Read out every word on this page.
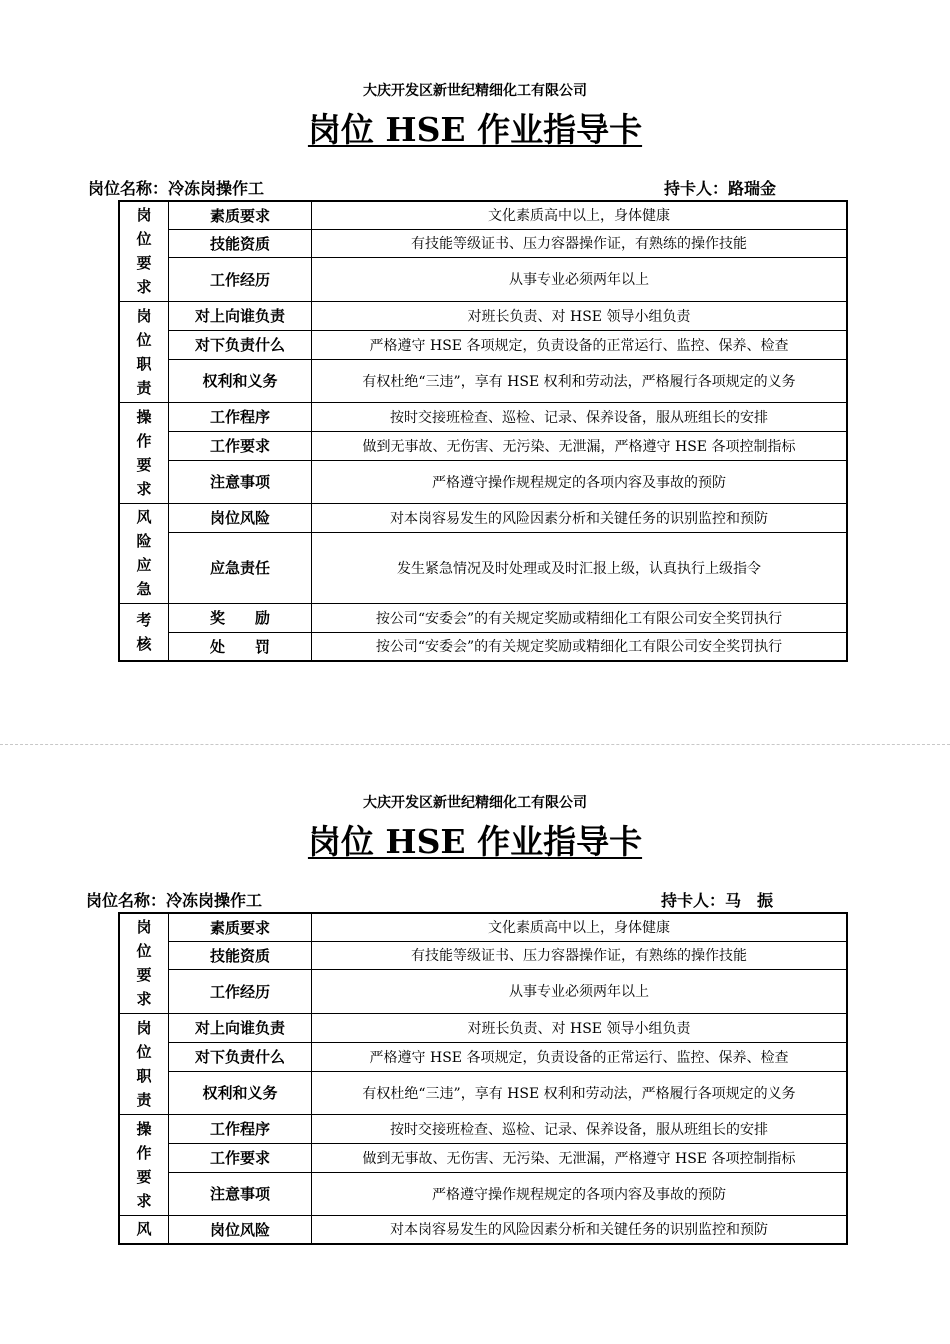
大庆开发区新世纪精细化工有限公司
岗位 HSE 作业指导卡
岗位名称：冷冻岗操作工	持卡人：路瑞金
岗
位
要
求	素质要求	文化素质高中以上，身体健康
	技能资质	有技能等级证书、压力容器操作证，有熟练的操作技能
	工作经历	从事专业必须两年以上

岗
位
职
责	对上向谁负责	对班长负责、对 HSE 领导小组负责
	对下负责什么	严格遵守 HSE 各项规定，负责设备的正常运行、监控、保养、检查
	权利和义务	有权杜绝“三违”，享有 HSE 权利和劳动法，严格履行各项规定的义务

操
作
要
求	工作程序	按时交接班检查、巡检、记录、保养设备，服从班组长的安排
	工作要求	做到无事故、无伤害、无污染、无泄漏，严格遵守 HSE 各项控制指标
	注意事项	严格遵守操作规程规定的各项内容及事故的预防

风
险
应
急	岗位风险	对本岗容易发生的风险因素分析和关键任务的识别监控和预防
	应急责任	发生紧急情况及时处理或及时汇报上级，认真执行上级指令

考
核	奖　　励	按公司“安委会”的有关规定奖励或精细化工有限公司安全奖罚执行
	处　　罚	按公司“安委会”的有关规定奖励或精细化工有限公司安全奖罚执行
大庆开发区新世纪精细化工有限公司
岗位 HSE 作业指导卡
岗位名称：冷冻岗操作工	持卡人：马　振
岗
位
要
求	素质要求	文化素质高中以上，身体健康
	技能资质	有技能等级证书、压力容器操作证，有熟练的操作技能
	工作经历	从事专业必须两年以上

岗
位
职
责	对上向谁负责	对班长负责、对 HSE 领导小组负责
	对下负责什么	严格遵守 HSE 各项规定，负责设备的正常运行、监控、保养、检查
	权利和义务	有权杜绝“三违”，享有 HSE 权利和劳动法，严格履行各项规定的义务

操
作
要
求	工作程序	按时交接班检查、巡检、记录、保养设备，服从班组长的安排
	工作要求	做到无事故、无伤害、无污染、无泄漏，严格遵守 HSE 各项控制指标
	注意事项	严格遵守操作规程规定的各项内容及事故的预防

风	岗位风险	对本岗容易发生的风险因素分析和关键任务的识别监控和预防
